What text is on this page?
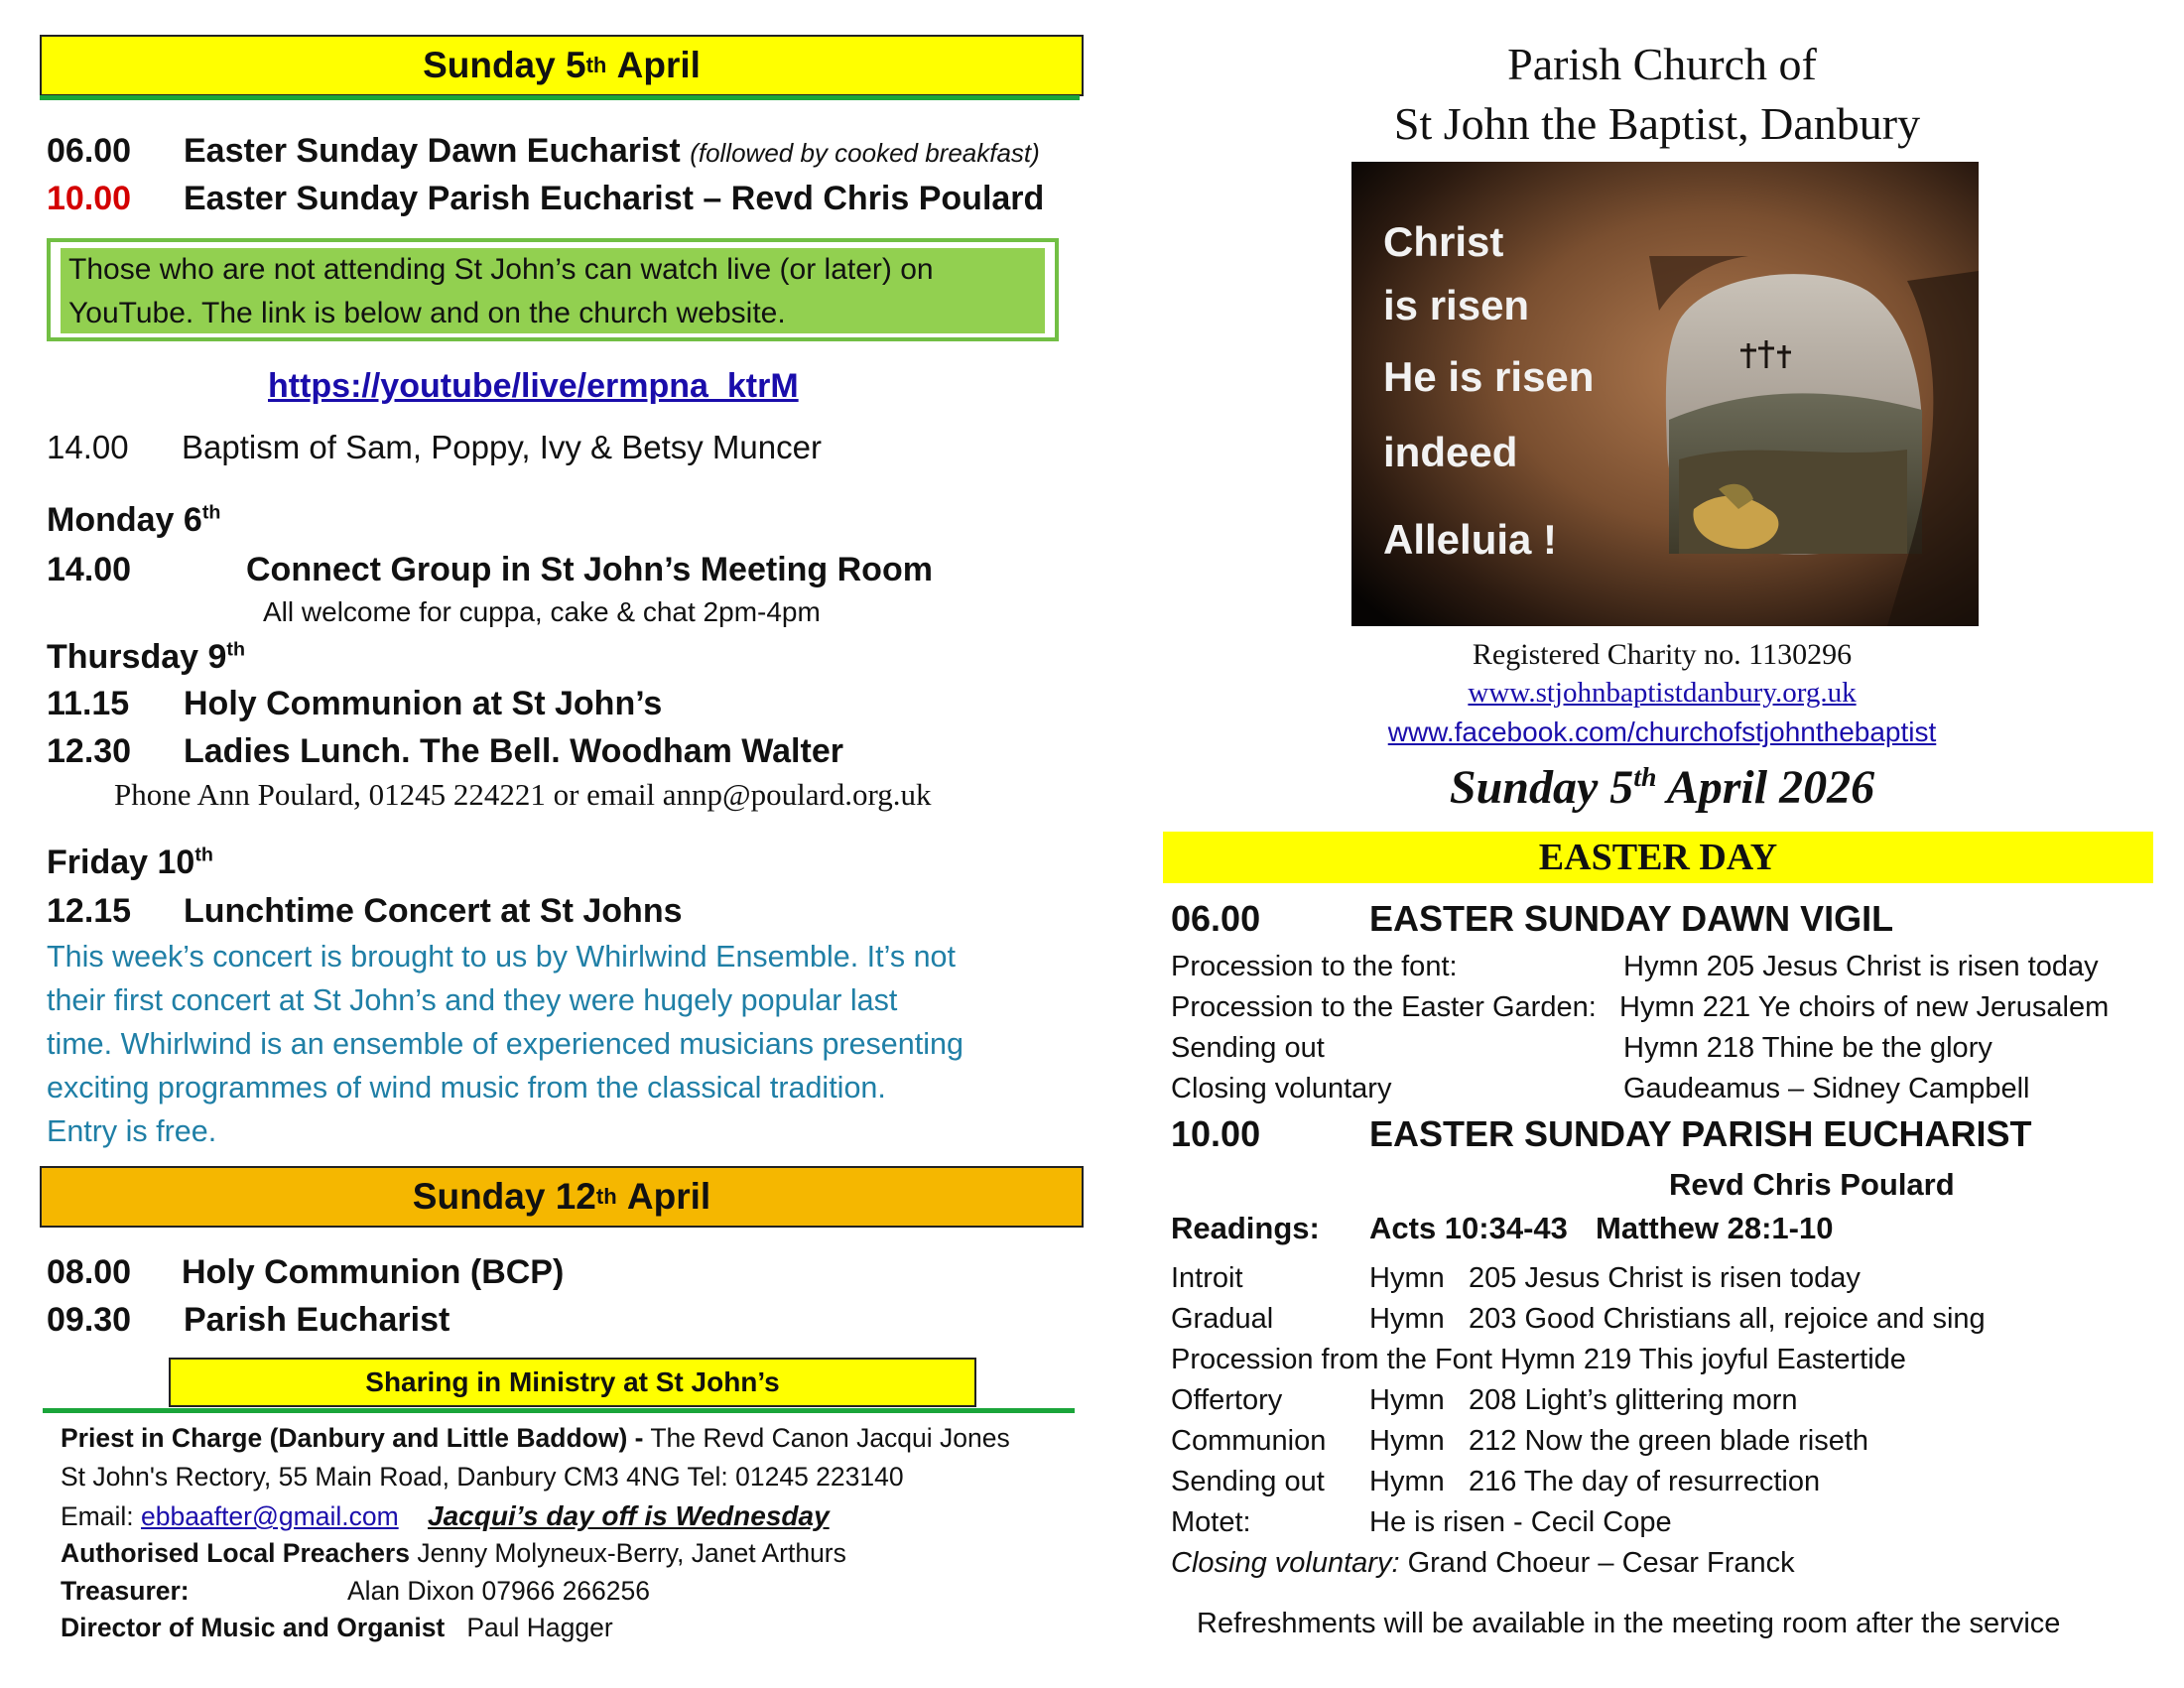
Sunday 5 th
April
06.00 Easter Sunday Dawn Eucharist (followed by cooked breakfast)
10.00 Easter Sunday Parish Eucharist – Revd Chris Poulard
Those who are not attending St John’s can watch live (or later) on YouTube. The link is below and on the church website.
https://youtube/live/ermpna_ktrM
14.00 Baptism of Sam, Poppy, Ivy & Betsy Muncer
Monday 6th
14.00	Connect Group in St John’s Meeting Room
All welcome for cuppa, cake & chat 2pm-4pm
Thursday 9th
11.15 Holy Communion at St John’s
12.30 Ladies Lunch. The Bell. Woodham Walter
Phone Ann Poulard, 01245 224221 or email annp@poulard.org.uk
Friday 10th
12.15 Lunchtime Concert at St Johns
This week’s concert is brought to us by Whirlwind Ensemble. It’s not
their first concert at St John’s and they were hugely popular last
time. Whirlwind is an ensemble of experienced musicians presenting
exciting programmes of wind music from the classical tradition.
Entry is free.
Sunday 12 th
April
08.00 Holy Communion (BCP)
09.30 Parish Eucharist
Sharing in Ministry at St John’s
Priest in Charge (Danbury and Little Baddow) - The Revd Canon Jacqui Jones
St John's Rectory, 55 Main Road, Danbury CM3 4NG Tel: 01245 223140
Email: ebbaafter@gmail.com Jacqui’s day off is Wednesday
Authorised Local Preachers Jenny Molyneux-Berry, Janet Arthurs
Treasurer:	Alan Dixon 07966 266256
Director of Music and Organist Paul Hagger
Parish Church of
St John the Baptist, Danbury
Christ
is risen
He is risen
indeed
Alleluia !
Registered Charity no. 1130296
www.stjohnbaptistdanbury.org.uk
www.facebook.com/churchofstjohnthebaptist
Sunday 5th April 2026
EASTER DAY
06.00	EASTER SUNDAY DAWN VIGIL
Procession to the font:	Hymn 205 Jesus Christ is risen today
Procession to the Easter Garden: Hymn 221 Ye choirs of new Jerusalem
Sending out	Hymn 218 Thine be the glory
Closing voluntary	Gaudeamus – Sidney Campbell
10.00	EASTER SUNDAY PARISH EUCHARIST
Revd Chris Poulard
Readings: Acts 10:34-43 Matthew 28:1-10
Introit	Hymn 205 Jesus Christ is risen today
Gradual	Hymn 203 Good Christians all, rejoice and sing
Procession from the Font Hymn 219 This joyful Eastertide
Offertory	Hymn 208 Light’s glittering morn
Communion Hymn 212 Now the green blade riseth
Sending out Hymn 216 The day of resurrection
Motet:	He is risen - Cecil Cope
Closing voluntary: Grand Choeur – Cesar Franck
Refreshments will be available in the meeting room after the service
